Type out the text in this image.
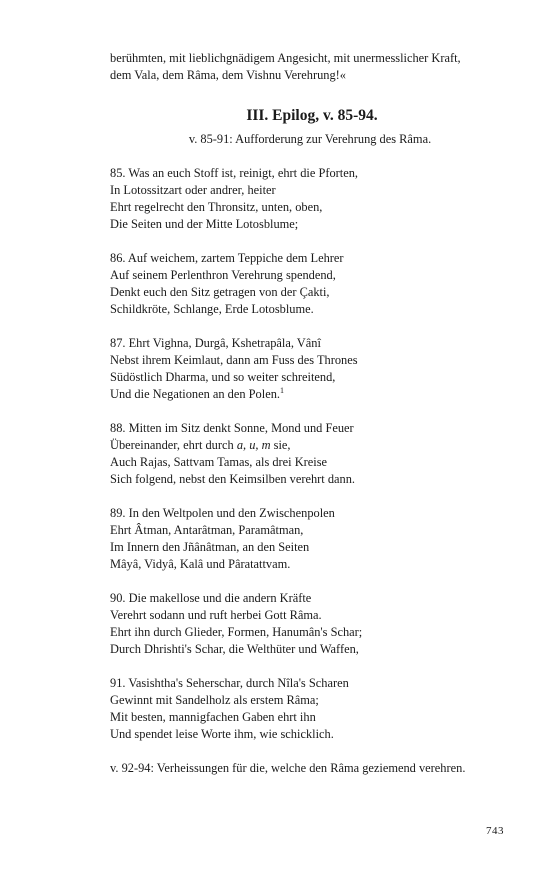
berühmten, mit lieblichgnädigem Angesicht, mit unermesslicher Kraft,
dem Vala, dem Râma, dem Vishnu Verehrung!«
III. Epilog, v. 85-94.
v. 85-91: Aufforderung zur Verehrung des Râma.
85. Was an euch Stoff ist, reinigt, ehrt die Pforten,
In Lotossitzart oder andrer, heiter
Ehrt regelrecht den Thronsitz, unten, oben,
Die Seiten und der Mitte Lotosblume;
86. Auf weichem, zartem Teppiche dem Lehrer
Auf seinem Perlenthron Verehrung spendend,
Denkt euch den Sitz getragen von der Çakti,
Schildkröte, Schlange, Erde Lotosblume.
87. Ehrt Vighna, Durgâ, Kshetrapâla, Vânî
Nebst ihrem Keimlaut, dann am Fuss des Thrones
Südöstlich Dharma, und so weiter schreitend,
Und die Negationen an den Polen.$^1$
88. Mitten im Sitz denkt Sonne, Mond und Feuer
Übereinander, ehrt durch a, u, m sie,
Auch Rajas, Sattvam Tamas, als drei Kreise
Sich folgend, nebst den Keimsilben verehrt dann.
89. In den Weltpolen und den Zwischenpolen
Ehrt Âtman, Antarâtman, Paramâtman,
Im Innern den Jñânâtman, an den Seiten
Mâyâ, Vidyâ, Kalâ und Pâratattvam.
90. Die makellose und die andern Kräfte
Verehrt sodann und ruft herbei Gott Râma.
Ehrt ihn durch Glieder, Formen, Hanumân's Schar;
Durch Dhrishti's Schar, die Welthüter und Waffen,
91. Vasishtha's Seherschar, durch Nîla's Scharen
Gewinnt mit Sandelholz als erstem Râma;
Mit besten, mannigfachen Gaben ehrt ihn
Und spendet leise Worte ihm, wie schicklich.
v. 92-94: Verheissungen für die, welche den Râma geziemend verehren.
743
